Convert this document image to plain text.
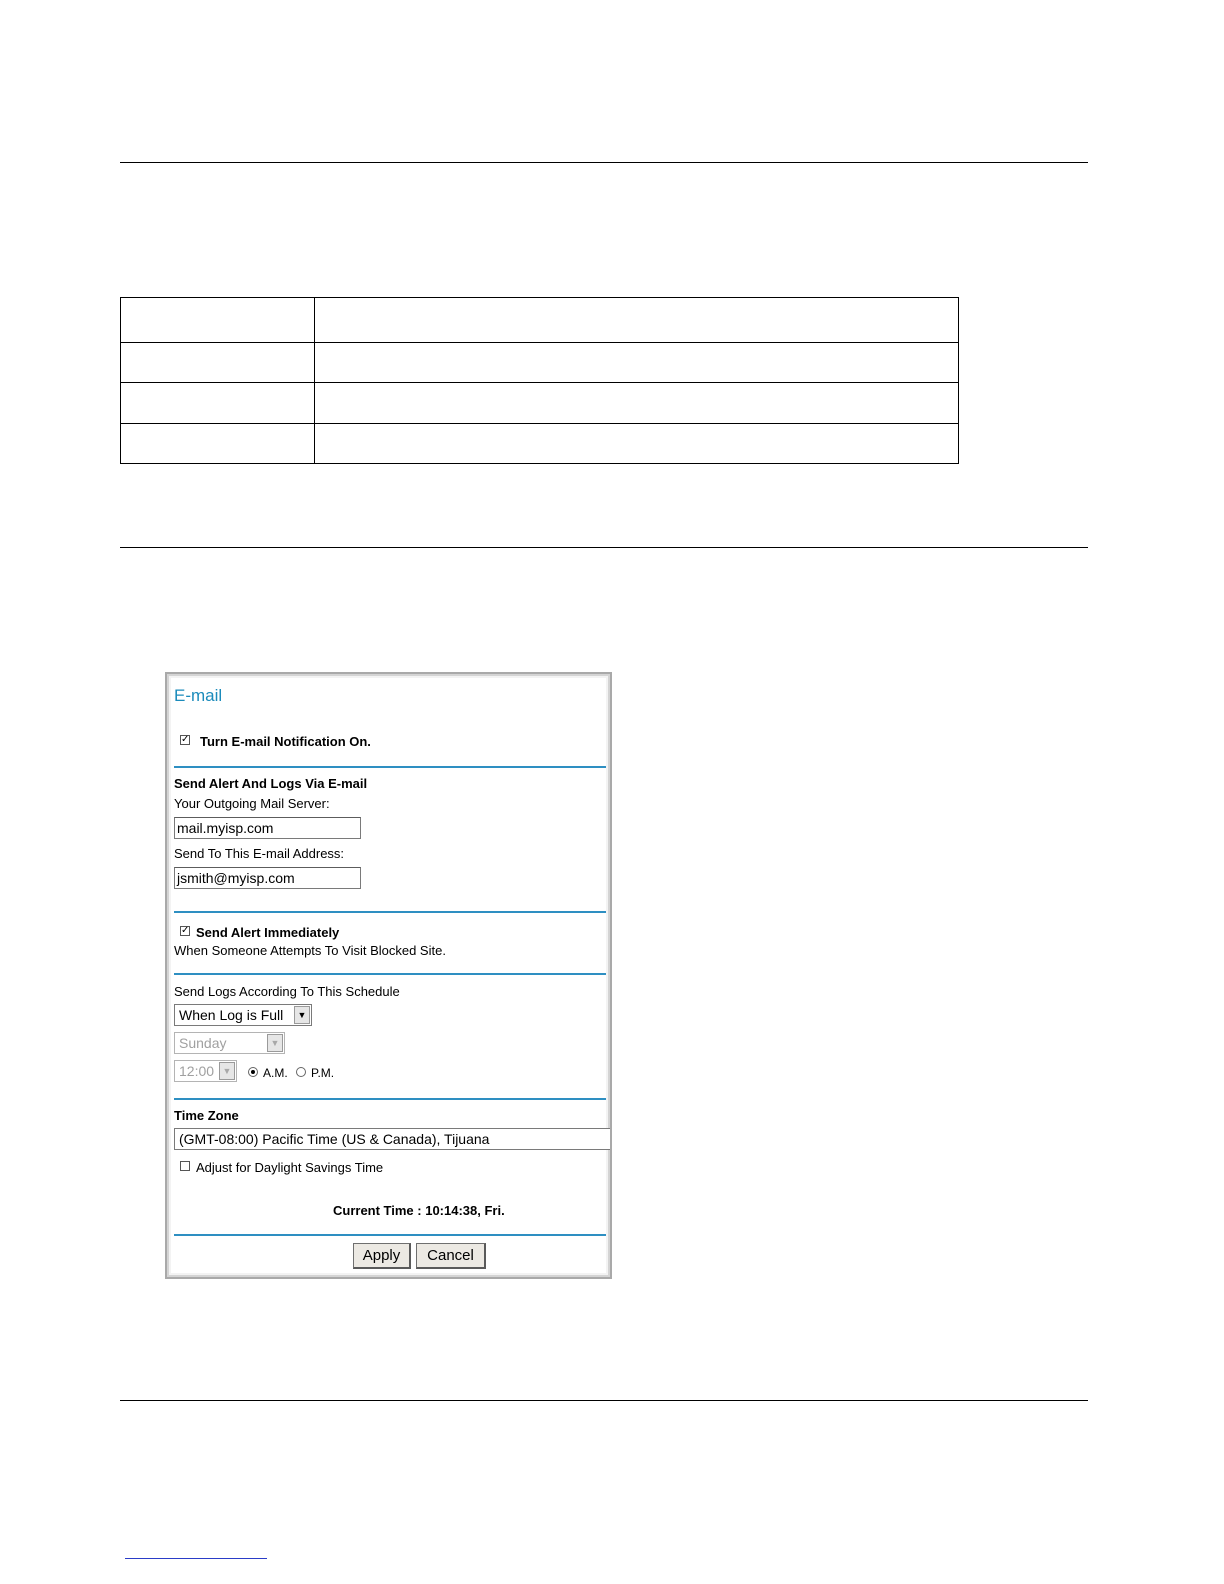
E-mail
✓ Turn E-mail Notification On.
Send Alert And Logs Via E-mail
Your Outgoing Mail Server:
mail.myisp.com
Send To This E-mail Address:
jsmith@myisp.com
✓ Send Alert Immediately
When Someone Attempts To Visit Blocked Site.
Send Logs According To This Schedule
When Log is Full	▼
Sunday	▼
12:00 ▼	A.M. P.M.
Time Zone
(GMT-08:00) Pacific Time (US & Canada), Tijuana
Adjust for Daylight Savings Time
Current Time : 10:14:38, Fri.
Apply	Cancel
